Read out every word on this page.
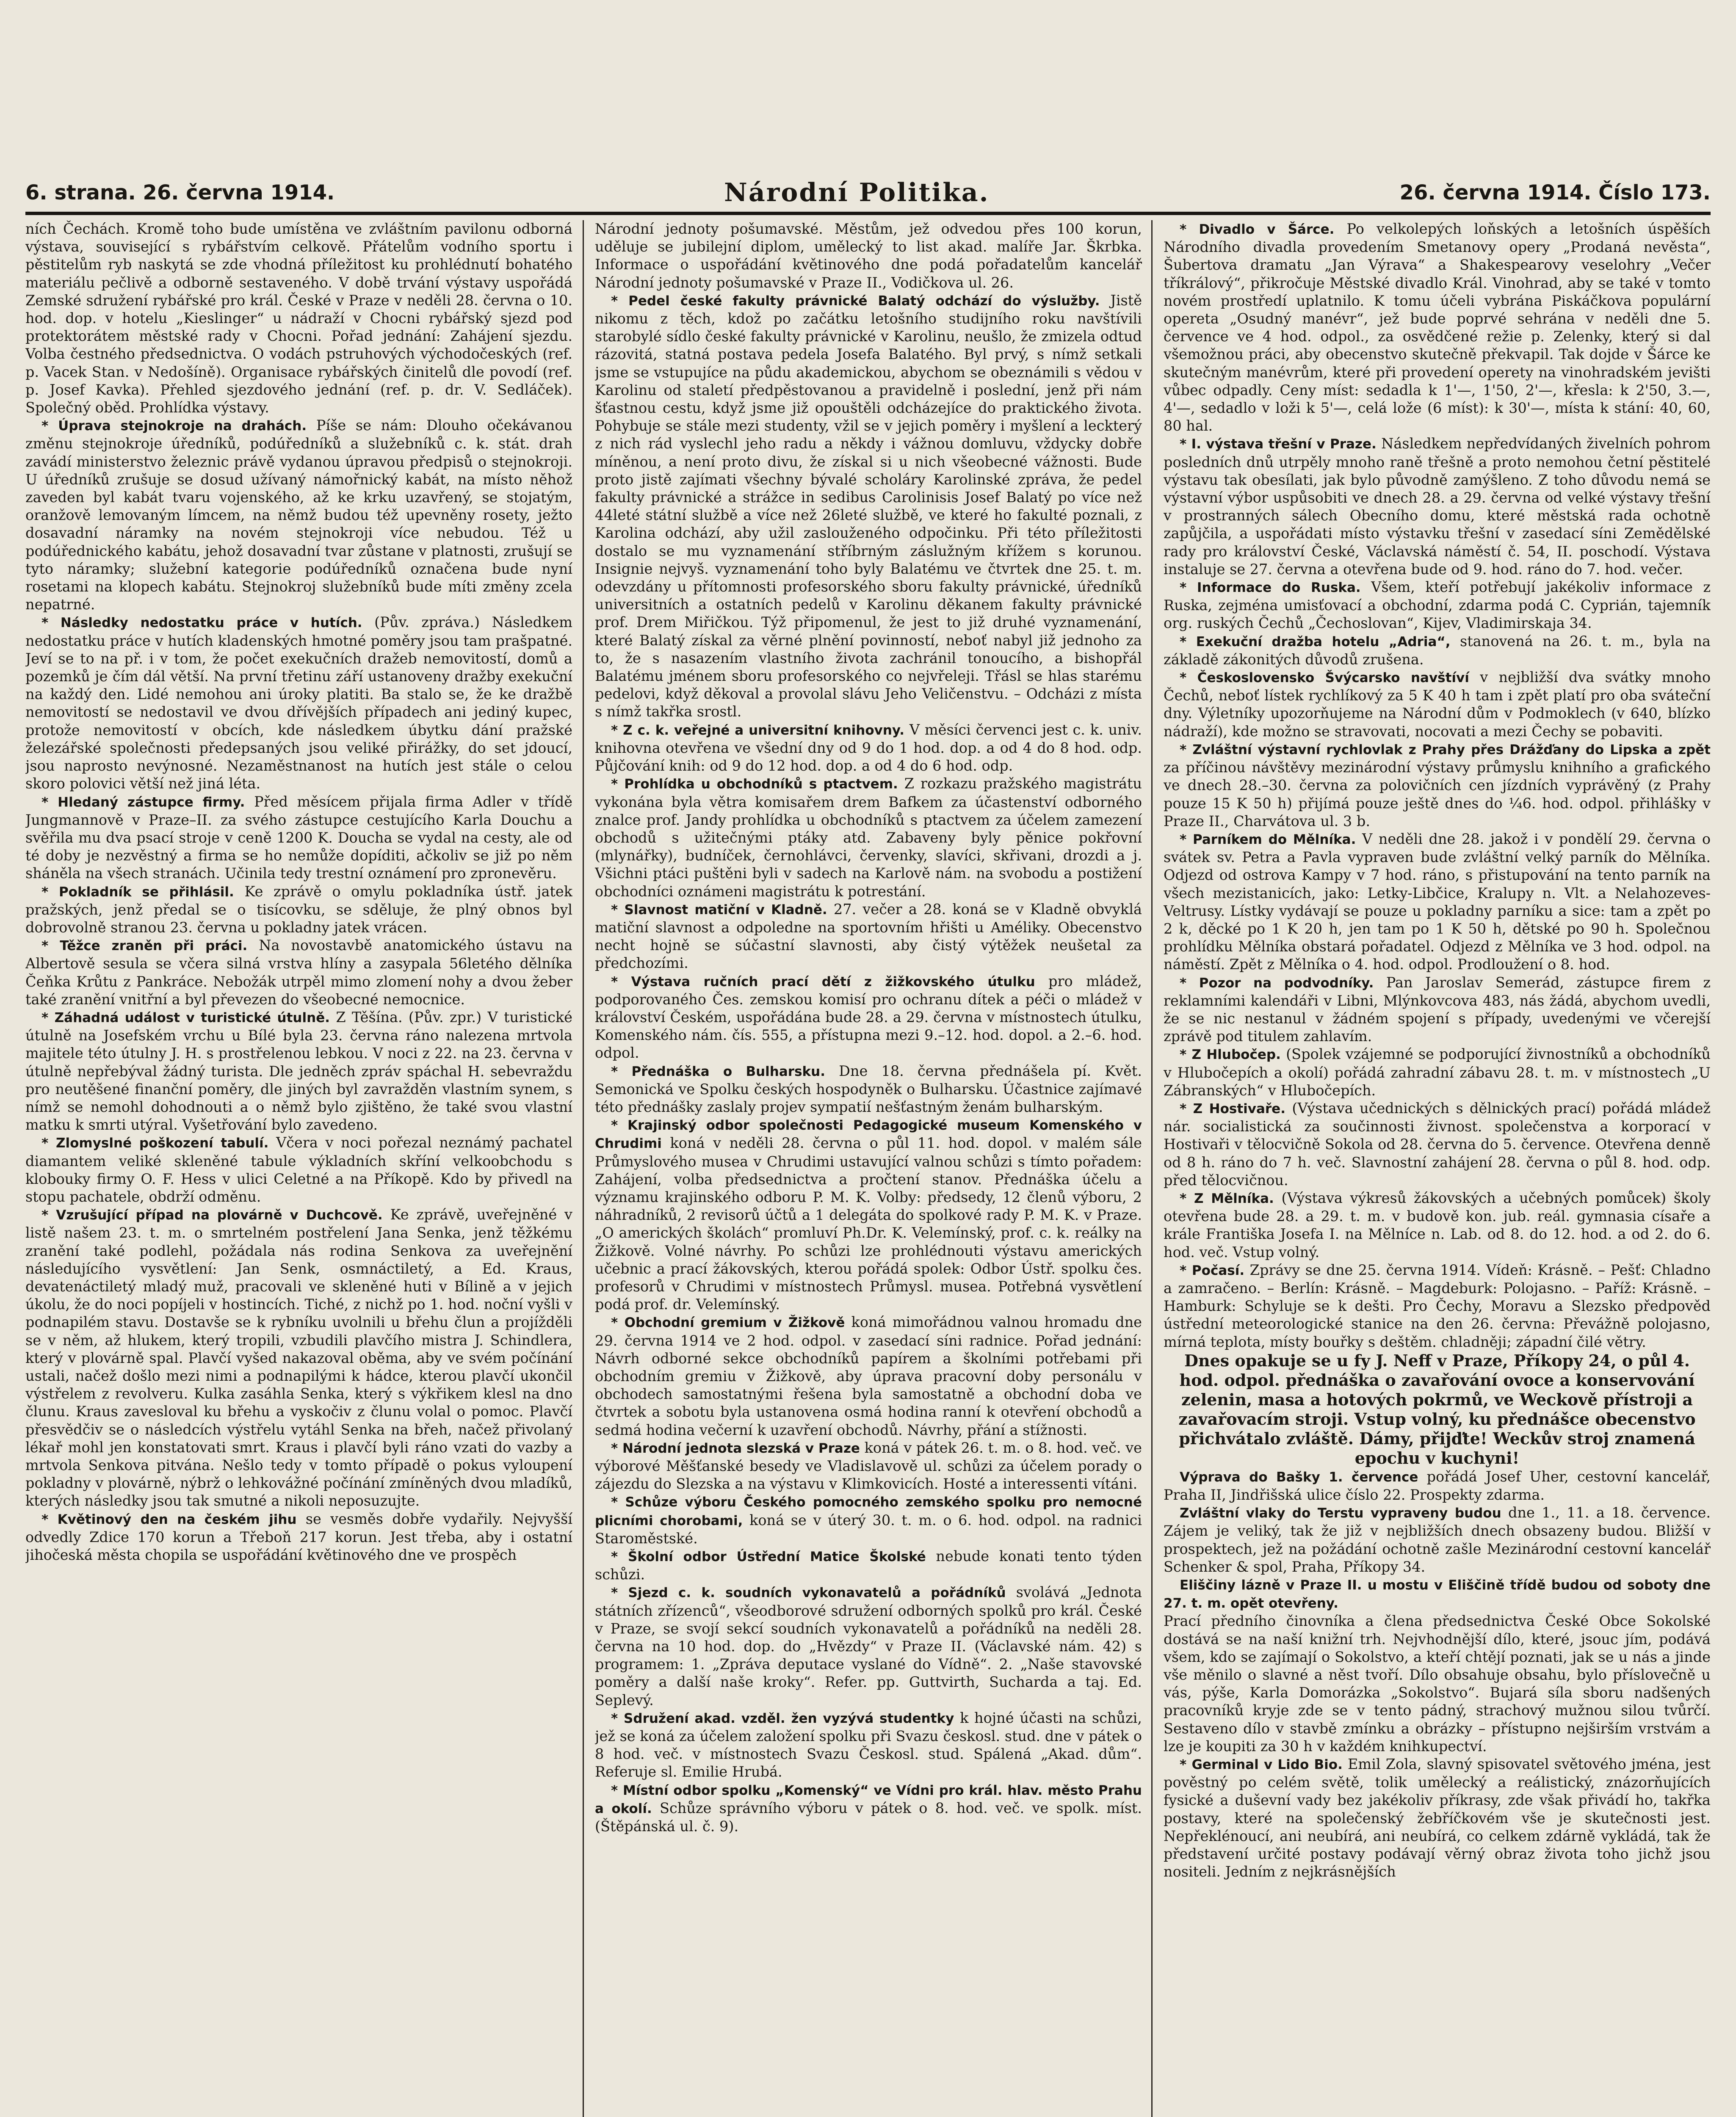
6. strana. 26. června 1914.	Národní Politika.	26. června 1914. Číslo 173.

ních Čechách. Kromě toho bude umístěna ve zvláštním pavilonu odborná výstava, související s rybářstvím celkově. Přátelům vodního sportu i pěstitelům ryb naskytá se zde vhodná příležitost ku prohlédnutí bohatého materiálu pečlivě a odborně sestaveného. V době trvání výstavy uspořádá Zemské sdružení rybářské pro král. České v Praze v neděli 28. června o 10. hod. dop. v hotelu „Kieslinger“ u nádraží v Chocni rybářský sjezd pod protektorátem městské rady v Chocni. Pořad jednání: Zahájení sjezdu. Volba čestného předsednictva. O vodách pstruhových východočeských (ref. p. Vacek Stan. v Nedošíně). Organisace rybářských činitelů dle povodí (ref. p. Josef Kavka). Přehled sjezdového jednání (ref. p. dr. V. Sedláček). Společný oběd. Prohlídka výstavy.

* Úprava stejnokroje na drahách. Píše se nám: Dlouho očekávanou změnu stejnokroje úředníků, podúředníků a služebníků c. k. stát. drah zavádí ministerstvo železnic právě vydanou úpravou předpisů o stejnokroji. U úředníků zrušuje se dosud užívaný námořnický kabát, na místo něhož zaveden byl kabát tvaru vojenského, až ke krku uzavřený, se stojatým, oranžově lemovaným límcem, na němž budou též upevněny rosety, ježto dosavadní náramky na novém stejnokroji více nebudou. Též u podúřednického kabátu, jehož dosavadní tvar zůstane v platnosti, zrušují se tyto náramky; služební kategorie podúředníků označena bude nyní rosetami na klopech kabátu. Stejnokroj služebníků bude míti změny zcela nepatrné.

* Následky nedostatku práce v hutích. (Pův. zpráva.) Následkem nedostatku práce v hutích kladenských hmotné poměry jsou tam prašpatné. Jeví se to na př. i v tom, že počet exekučních dražeb nemovitostí, domů a pozemků je čím dál větší. Na první třetinu září ustanoveny dražby exekuční na každý den. Lidé nemohou ani úroky platiti. Ba stalo se, že ke dražbě nemovitostí se nedostavil ve dvou dřívějších případech ani jediný kupec, protože nemovitostí v obcích, kde následkem úbytku dání pražské železářské společnosti předepsaných jsou veliké přirážky, do set jdoucí, jsou naprosto nevýnosné. Nezaměstnanost na hutích jest stále o celou skoro polovici větší než jiná léta.

* Hledaný zástupce firmy. Před měsícem přijala firma Adler v třídě Jungmannově v Praze–II. za svého zástupce cestujícího Karla Douchu a svěřila mu dva psací stroje v ceně 1200 K. Doucha se vydal na cesty, ale od té doby je nezvěstný a firma se ho nemůže dopíditi, ačkoliv se již po něm sháněla na všech stranách. Učinila tedy trestní oznámení pro zpronevěru.

* Pokladník se přihlásil. Ke zprávě o omylu pokladníka ústř. jatek pražských, jenž předal se o tisícovku, se sděluje, že plný obnos byl dobrovolně stranou 23. června u pokladny jatek vrácen.

* Těžce zraněn při práci. Na novostavbě anatomického ústavu na Albertově sesula se včera silná vrstva hlíny a zasypala 56letého dělníka Čeňka Krůtu z Pankráce. Nebožák utrpěl mimo zlomení nohy a dvou žeber také zranění vnitřní a byl převezen do všeobecné nemocnice.

* Záhadná událost v turistické útulně. Z Těšína. (Pův. zpr.) V turistické útulně na Josefském vrchu u Bílé byla 23. června ráno nalezena mrtvola majitele této útulny J. H. s prostřelenou lebkou. V noci z 22. na 23. června v útulně nepřebýval žádný turista. Dle jedněch zpráv spáchal H. sebevraždu pro neutěšené finanční poměry, dle jiných byl zavražděn vlastním synem, s nímž se nemohl dohodnouti a o němž bylo zjištěno, že také svou vlastní matku k smrti utýral. Vyšetřování bylo zavedeno.

* Zlomyslné poškození tabulí. Včera v noci pořezal neznámý pachatel diamantem veliké skleněné tabule výkladních skříní velkoobchodu s klobouky firmy O. F. Hess v ulici Celetné a na Příkopě. Kdo by přivedl na stopu pachatele, obdrží odměnu.

* Vzrušující případ na plovárně v Duchcově. Ke zprávě, uveřejněné v listě našem 23. t. m. o smrtelném postřelení Jana Senka, jenž těžkému zranění také podlehl, požádala nás rodina Senkova za uveřejnění následujícího vysvětlení: Jan Senk, osmnáctiletý, a Ed. Kraus, devatenáctiletý mladý muž, pracovali ve skleněné huti v Bílině a v jejich úkolu, že do noci popíjeli v hostincích. Tiché, z nichž po 1. hod. noční vyšli v podnapilém stavu. Dostavše se k rybníku uvolnili u břehu člun a projížděli se v něm, až hlukem, který tropili, vzbudili plavčího mistra J. Schindlera, který v plovárně spal. Plavčí vyšed nakazoval oběma, aby ve svém počínání ustali, načež došlo mezi nimi a podnapilými k hádce, kterou plavčí ukončil výstřelem z revolveru. Kulka zasáhla Senka, který s výkřikem klesl na dno člunu. Kraus zavesloval ku břehu a vyskočiv z člunu volal o pomoc. Plavčí přesvědčiv se o následcích výstřelu vytáhl Senka na břeh, načež přivolaný lékař mohl jen konstatovati smrt. Kraus i plavčí byli ráno vzati do vazby a mrtvola Senkova pitvána. Nešlo tedy v tomto případě o pokus vyloupení pokladny v plovárně, nýbrž o lehkovážné počínání zmíněných dvou mladíků, kterých následky jsou tak smutné a nikoli neposuzujte.

* Květinový den na českém jihu se vesměs dobře vydařily. Nejvyšší odvedly Zdice 170 korun a Třeboň 217 korun. Jest třeba, aby i ostatní jihočeská města chopila se uspořádání květinového dne ve prospěch

Národní jednoty pošumavské. Městům, jež odvedou přes 100 korun, uděluje se jubilejní diplom, umělecký to list akad. malíře Jar. Škrbka. Informace o uspořádání květinového dne podá pořadatelům kancelář Národní jednoty pošumavské v Praze II., Vodičkova ul. 26.

* Pedel české fakulty právnické Balatý odchází do výslužby. Jistě nikomu z těch, kdož po začátku letošního studijního roku navštívili starobylé sídlo české fakulty právnické v Karolinu, neušlo, že zmizela odtud rázovitá, statná postava pedela Josefa Balatého. Byl prvý, s nímž setkali jsme se vstupujíce na půdu akademickou, abychom se obeznámili s vědou v Karolinu od staletí předpěstovanou a pravidelně i poslední, jenž při nám šťastnou cestu, když jsme již opouštěli odcházejíce do praktického života. Pohybuje se stále mezi studenty, vžil se v jejich poměry i myšlení a leckterý z nich rád vyslechl jeho radu a někdy i vážnou domluvu, vždycky dobře míněnou, a není proto divu, že získal si u nich všeobecné vážnosti. Bude proto jistě zajímati všechny bývalé scholáry Karolinské zpráva, že pedel fakulty právnické a strážce in sedibus Carolinisis Josef Balatý po více než 44leté státní službě a více než 26leté službě, ve které ho fakulté poznali, z Karolina odchází, aby užil zaslouženého odpočinku. Při této příležitosti dostalo se mu vyznamenání stříbrným záslužným křížem s korunou. Insignie nejvyš. vyznamenání toho byly Balatému ve čtvrtek dne 25. t. m. odevzdány u přítomnosti profesorského sboru fakulty právnické, úředníků universitních a ostatních pedelů v Karolinu děkanem fakulty právnické prof. Drem Miřičkou. Týž připomenul, že jest to již druhé vyznamenání, které Balatý získal za věrné plnění povinností, neboť nabyl již jednoho za to, že s nasazením vlastního života zachránil tonoucího, a bishopřál Balatému jménem sboru profesorského co nejvřeleji. Třásl se hlas starému pedelovi, když děkoval a provolal slávu Jeho Veličenstvu. – Odcházi z místa s nímž takřka srostl.

* Z c. k. veřejné a universitní knihovny. V měsíci červenci jest c. k. univ. knihovna otevřena ve všední dny od 9 do 1 hod. dop. a od 4 do 8 hod. odp. Půjčování knih: od 9 do 12 hod. dop. a od 4 do 6 hod. odp.

* Prohlídka u obchodníků s ptactvem. Z rozkazu pražského magistrátu vykonána byla větra komisařem drem Bafkem za účastenství odborného znalce prof. Jandy prohlídka u obchodníků s ptactvem za účelem zamezení obchodů s užitečnými ptáky atd. Zabaveny byly pěnice pokřovní (mlynářky), budníček, černohlávci, červenky, slavíci, skřivani, drozdi a j. Všichni ptáci puštěni byli v sadech na Karlově nám. na svobodu a postižení obchodníci oznámeni magistrátu k potrestání.

* Slavnost matiční v Kladně. 27. večer a 28. koná se v Kladně obvyklá matiční slavnost a odpoledne na sportovním hřišti u Améliky. Obecenstvo necht hojně se súčastní slavnosti, aby čistý výtěžek neušetal za předchozími.

* Výstava ručních prací dětí z žižkovského útulku pro mládež, podporovaného Čes. zemskou komisí pro ochranu dítek a péči o mládež v království Českém, uspořádána bude 28. a 29. června v místnostech útulku, Komenského nám. čís. 555, a přístupna mezi 9.–12. hod. dopol. a 2.–6. hod. odpol.

* Přednáška o Bulharsku. Dne 18. června přednášela pí. Květ. Semonická ve Spolku českých hospodyněk o Bulharsku. Účastnice zajímavé této přednášky zaslaly projev sympatií nešťastným ženám bulharským.

* Krajinský odbor společnosti Pedagogické museum Komenského v Chrudimi koná v neděli 28. června o půl 11. hod. dopol. v malém sále Průmyslového musea v Chrudimi ustavující valnou schůzi s tímto pořadem: Zahájení, volba předsednictva a pročtení stanov. Přednáška účelu a významu krajinského odboru P. M. K. Volby: předsedy, 12 členů výboru, 2 náhradníků, 2 revisorů účtů a 1 delegáta do spolkové rady P. M. K. v Praze. „O amerických školách“ promluví Ph.Dr. K. Velemínský, prof. c. k. reálky na Žižkově. Volné návrhy. Po schůzi lze prohlédnouti výstavu amerických učebnic a prací žákovských, kterou pořádá spolek: Odbor Ústř. spolku čes. profesorů v Chrudimi v místnostech Průmysl. musea. Potřebná vysvětlení podá prof. dr. Velemínský.

* Obchodní gremium v Žižkově koná mimořádnou valnou hromadu dne 29. června 1914 ve 2 hod. odpol. v zasedací síni radnice. Pořad jednání: Návrh odborné sekce obchodníků papírem a školními potřebami při obchodním gremiu v Žižkově, aby úprava pracovní doby personálu v obchodech samostatnými řešena byla samostatně a obchodní doba ve čtvrtek a sobotu byla ustanovena osmá hodina ranní k otevření obchodů a sedmá hodina večerní k uzavření obchodů. Návrhy, přání a stížnosti.

* Národní jednota slezská v Praze koná v pátek 26. t. m. o 8. hod. več. ve výborové Měšťanské besedy ve Vladislavově ul. schůzi za účelem porady o zájezdu do Slezska a na výstavu v Klimkovicích. Hosté a interessenti vítáni.

* Schůze výboru Českého pomocného zemského spolku pro nemocné plicními chorobami, koná se v úterý 30. t. m. o 6. hod. odpol. na radnici Staroměstské.

* Školní odbor Ústřední Matice Školské nebude konati tento týden schůzi.

* Sjezd c. k. soudních vykonavatelů a pořádníků svolává „Jednota státních zřízenců“, všeodborové sdružení odborných spolků pro král. České v Praze, se svojí sekcí soudních vykonavatelů a pořádníků na neděli 28. června na 10 hod. dop. do „Hvězdy“ v Praze II. (Václavské nám. 42) s programem: 1. „Zpráva deputace vyslané do Vídně“. 2. „Naše stavovské poměry a další naše kroky“. Refer. pp. Guttvirth, Sucharda a taj. Ed. Seplevý.

* Sdružení akad. vzděl. žen vyzývá studentky k hojné účasti na schůzi, jež se koná za účelem založení spolku při Svazu českosl. stud. dne v pátek o 8 hod. več. v místnostech Svazu Českosl. stud. Spálená „Akad. dům“. Referuje sl. Emilie Hrubá.

* Místní odbor spolku „Komenský“ ve Vídni pro král. hlav. město Prahu a okolí. Schůze správního výboru v pátek o 8. hod. več. ve spolk. míst. (Štěpánská ul. č. 9).

* Divadlo v Šárce. Po velkolepých loňských a letošních úspěších Národního divadla provedením Smetanovy opery „Prodaná nevěsta“, Šubertova dramatu „Jan Výrava“ a Shakespearovy veselohry „Večer tříkrálový“, přikročuje Městské divadlo Král. Vinohrad, aby se také v tomto novém prostředí uplatnilo. K tomu účeli vybrána Piskáčkova populární opereta „Osudný manévr“, jež bude poprvé sehrána v neděli dne 5. července ve 4 hod. odpol., za osvědčené režie p. Zelenky, který si dal všemožnou práci, aby obecenstvo skutečně překvapil. Tak dojde v Šárce ke skutečným manévrům, které při provedení operety na vinohradském jevišti vůbec odpadly. Ceny míst: sedadla k 1'—, 1'50, 2'—, křesla: k 2'50, 3.—, 4'—, sedadlo v loži k 5'—, celá lože (6 míst): k 30'—, místa k stání: 40, 60, 80 hal.

* I. výstava třešní v Praze. Následkem nepředvídaných živelních pohrom posledních dnů utrpěly mnoho raně třešně a proto nemohou četní pěstitelé výstavu tak obesílati, jak bylo původně zamýšleno. Z toho důvodu nemá se výstavní výbor uspůsobiti ve dnech 28. a 29. června od velké výstavy třešní v prostranných sálech Obecního domu, které městská rada ochotně zapůjčila, a uspořádati místo výstavku třešní v zasedací síni Zemědělské rady pro království České, Václavská náměstí č. 54, II. poschodí. Výstava instaluje se 27. června a otevřena bude od 9. hod. ráno do 7. hod. večer.

* Informace do Ruska. Všem, kteří potřebují jakékoliv informace z Ruska, zejména umisťovací a obchodní, zdarma podá C. Cyprián, tajemník org. ruských Čechů „Čechoslovan“, Kijev, Vladimirskaja 34.

* Exekuční dražba hotelu „Adria“, stanovená na 26. t. m., byla na základě zákonitých důvodů zrušena.

* Československo Švýcarsko navštíví v nejbližší dva svátky mnoho Čechů, neboť lístek rychlíkový za 5 K 40 h tam i zpět platí pro oba sváteční dny. Výletníky upozorňujeme na Národní dům v Podmoklech (v 640, blízko nádraží), kde možno se stravovati, nocovati a mezi Čechy se pobaviti.

* Zvláštní výstavní rychlovlak z Prahy přes Drážďany do Lipska a zpět za příčinou návštěvy mezinárodní výstavy průmyslu knihního a grafického ve dnech 28.–30. června za polovičních cen jízdních vyprávěný (z Prahy pouze 15 K 50 h) přijímá pouze ještě dnes do ¼6. hod. odpol. přihlášky v Praze II., Charvátova ul. 3 b.

* Parníkem do Mělníka. V neděli dne 28. jakož i v pondělí 29. června o svátek sv. Petra a Pavla vypraven bude zvláštní velký parník do Mělníka. Odjezd od ostrova Kampy v 7 hod. ráno, s přistupování na tento parník na všech mezistanicích, jako: Letky-Libčice, Kralupy n. Vlt. a Nelahozeves-Veltrusy. Lístky vydávají se pouze u pokladny parníku a sice: tam a zpět po 2 k, děcké po 1 K 20 h, jen tam po 1 K 50 h, dětské po 90 h. Společnou prohlídku Mělníka obstará pořadatel. Odjezd z Mělníka ve 3 hod. odpol. na náměstí. Zpět z Mělníka o 4. hod. odpol. Prodloužení o 8. hod.

* Pozor na podvodníky. Pan Jaroslav Semerád, zástupce firem z reklamními kalendáři v Libni, Mlýnkovcova 483, nás žádá, abychom uvedli, že se nic nestanul v žádném spojení s případy, uvedenými ve včerejší zprávě pod titulem zahlavím.

* Z Hlubočep. (Spolek vzájemné se podporující živnostníků a obchodníků v Hlubočepích a okolí) pořádá zahradní zábavu 28. t. m. v místnostech „U Zábranských“ v Hlubočepích.

* Z Hostivaře. (Výstava učednických s dělnických prací) pořádá mládež nár. socialistická za součinnosti živnost. společenstva a korporací v Hostivaři v tělocvičně Sokola od 28. června do 5. července. Otevřena denně od 8 h. ráno do 7 h. več. Slavnostní zahájení 28. června o půl 8. hod. odp. před tělocvičnou.

* Z Mělníka. (Výstava výkresů žákovských a učebných pomůcek) školy otevřena bude 28. a 29. t. m. v budově kon. jub. reál. gymnasia císaře a krále Františka Josefa I. na Mělníce n. Lab. od 8. do 12. hod. a od 2. do 6. hod. več. Vstup volný.

* Počasí. Zprávy se dne 25. června 1914. Vídeň: Krásně. – Pešť: Chladno a zamračeno. – Berlín: Krásně. – Magdeburk: Polojasno. – Paříž: Krásně. – Hamburk: Schyluje se k dešti. Pro Čechy, Moravu a Slezsko předpověd ústřední meteorologické stanice na den 26. června: Převážně polojasno, mírná teplota, místy bouřky s deštěm. chladněji; západní čilé větry.

Dnes opakuje se u fy J. Neff v Praze, Příkopy 24, o půl 4. hod. odpol. přednáška o zavařování ovoce a konservování zelenin, masa a hotových pokrmů, ve Weckově přístroji a zavařovacím stroji. Vstup volný, ku přednášce obecenstvo přichvátalo zvláště. Dámy, přijďte! Weckův stroj znamená epochu v kuchyni!

Výprava do Bašky 1. července pořádá Josef Uher, cestovní kancelář, Praha II, Jindřišská ulice číslo 22. Prospekty zdarma.

Zvláštní vlaky do Terstu vypraveny budou dne 1., 11. a 18. července. Zájem je veliký, tak že již v nejbližších dnech obsazeny budou. Bližší v prospektech, jež na požádání ochotně zašle Mezinárodní cestovní kancelář Schenker & spol, Praha, Příkopy 34.

Eliščiny lázně v Praze II. u mostu v Eliščině třídě budou od soboty dne 27. t. m. opět otevřeny.

Prací předního činovníka a člena předsednictva České Obce Sokolské dostává se na naší knižní trh. Nejvhodnější dílo, které, jsouc jím, podává všem, kdo se zajímají o Sokolstvo, a kteří chtějí poznati, jak se u nás a jinde vše měnilo o slavné a něst tvoří. Dílo obsahuje obsahu, bylo příslovečně u vás, pýše, Karla Domorázka „Sokolstvo“. Bujará síla sboru nadšených pracovníků kryje zde se v tento pádný, strachový mužnou silou tvůrčí. Sestaveno dílo v stavbě zmínku a obrázky – přístupno nejširším vrstvám a lze je koupiti za 30 h v každém knihkupectví.

* Germinal v Lido Bio. Emil Zola, slavný spisovatel světového jména, jest pověstný po celém světě, tolik umělecký a reálistický, znázorňujících fysické a duševní vady bez jakékoliv příkrasy, zde však přivádí ho, takřka postavy, které na společenský žebříčkovém vše je skutečnosti jest. Nepřeklénoucí, ani neubírá, ani neubírá, co celkem zdárně vykládá, tak že představení určité postavy podávají věrný obraz života toho jichž jsou nositeli. Jedním z nejkrásnějších
